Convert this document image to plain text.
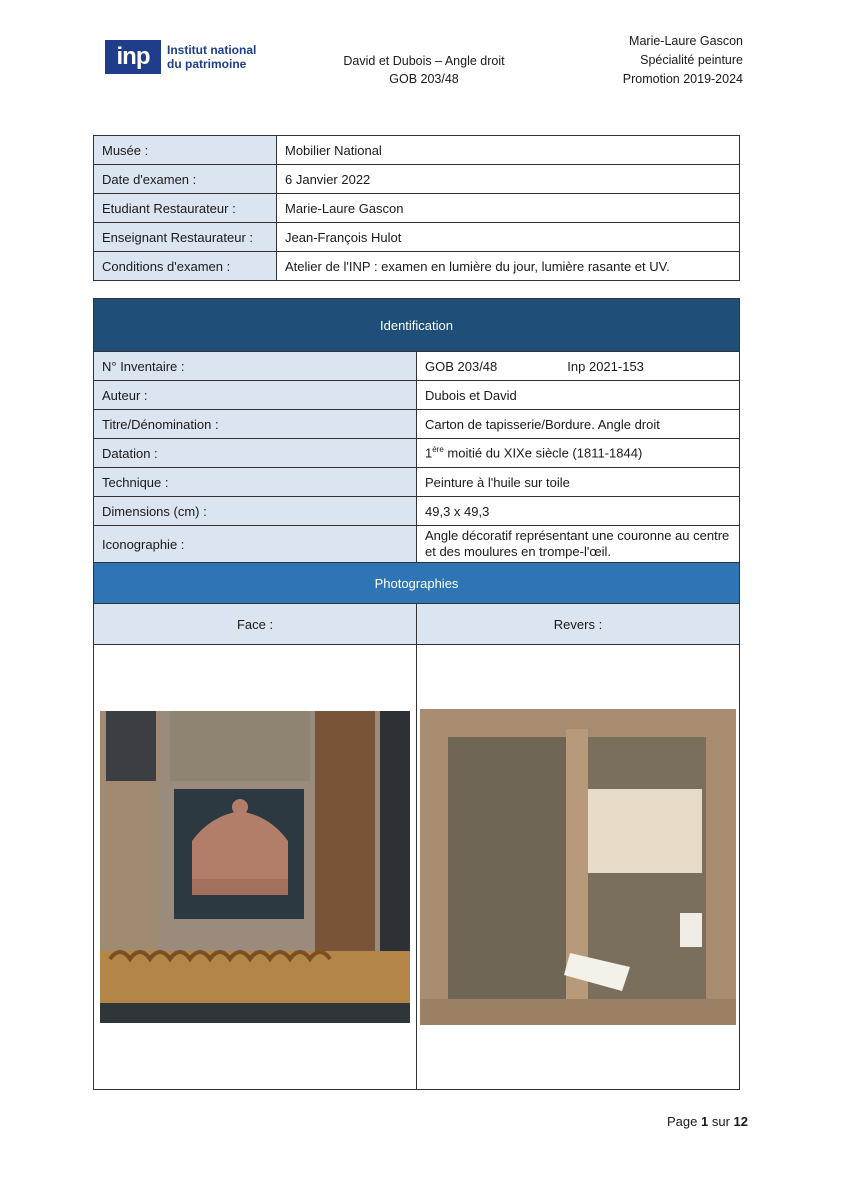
inp	Institut national
du patrimoine	David et Dubois – Angle droit
GOB 203/48
Marie-Laure Gascon
Spécialité peinture
Promotion 2019-2024
Musée :	Mobilier National
Date d'examen :	6 Janvier 2022
Etudiant Restaurateur :	Marie-Laure Gascon
Enseignant Restaurateur :	Jean-François Hulot
Conditions d'examen :	Atelier de l'INP : examen en lumière du jour, lumière rasante et UV.
Identification	
N° Inventaire :	GOB 203/48 Inp 2021-153
Auteur :	Dubois et David
Titre/Dénomination :	Carton de tapisserie/Bordure. Angle droit
Datation :	1ère moitié du XIXe siècle (1811-1844)
Technique :	Peinture à l'huile sur toile
Dimensions (cm) :	49,3 x 49,3
Iconographie :	Angle décoratif représentant une couronne au centre et des moulures en trompe-l'œil.
Photographies	
Face :	Revers :

Page 1 sur 12
